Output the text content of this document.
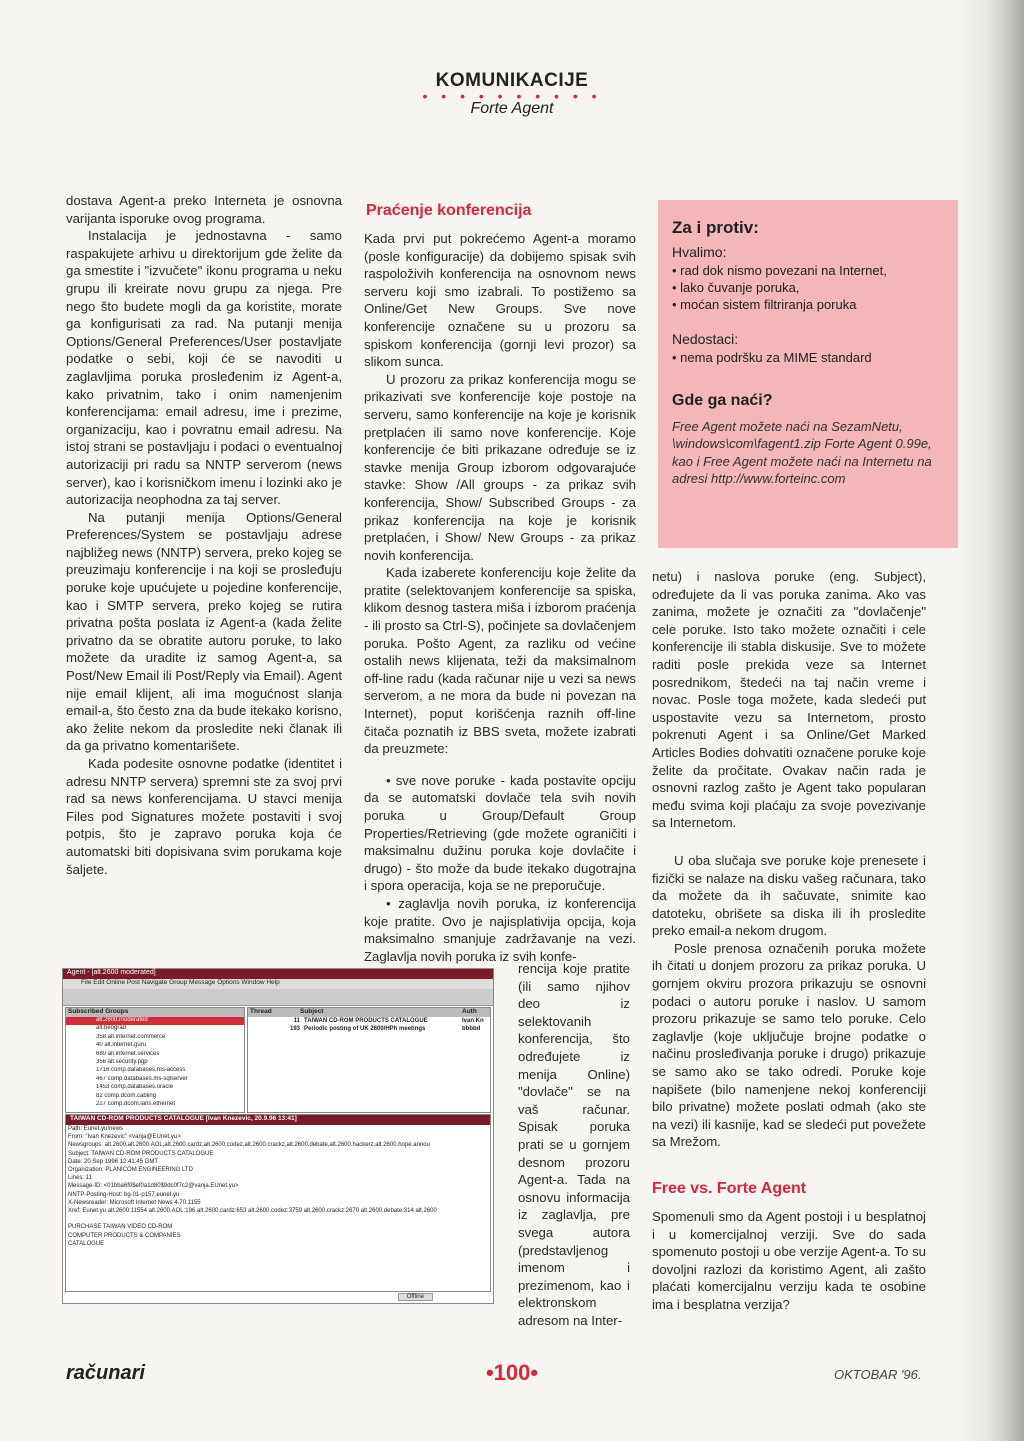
KOMUNIKACIJE
• • • • • • • • • •
Forte Agent

dostava Agent-a preko Interneta je osnovna varijanta isporuke ovog programa.

Instalacija je jednostavna - samo raspakujete arhivu u direktorijum gde želite da ga smestite i "izvučete" ikonu programa u neku grupu ili kreirate novu grupu za njega. Pre nego što budete mogli da ga koristite, morate ga konfigurisati za rad. Na putanji menija Options/General Preferences/User postavljate podatke o sebi, koji će se navoditi u zaglavljima poruka prosleđenim iz Agent-a, kako privatnim, tako i onim namenjenim konferencijama: email adresu, ime i prezime, organizaciju, kao i povratnu email adresu. Na istoj strani se postavljaju i podaci o eventualnoj autorizaciji pri radu sa NNTP serverom (news server), kao i korisničkom imenu i lozinki ako je autorizacija neophodna za taj server.

Na putanji menija Options/General Preferences/System se postavljaju adrese najbližeg news (NNTP) servera, preko kojeg se preuzimaju konferencije i na koji se prosleđuju poruke koje upućujete u pojedine konferencije, kao i SMTP servera, preko kojeg se rutira privatna pošta poslata iz Agent-a (kada želite privatno da se obratite autoru poruke, to lako možete da uradite iz samog Agent-a, sa Post/New Email ili Post/Reply via Email). Agent nije email klijent, ali ima mogućnost slanja email-a, što često zna da bude itekako korisno, ako želite nekom da prosledite neki članak ili da ga privatno komentarišete.

Kada podesite osnovne podatke (identitet i adresu NNTP servera) spremni ste za svoj prvi rad sa news konferencijama. U stavci menija Files pod Signatures možete postaviti i svoj potpis, što je zapravo poruka koja će automatski biti dopisivana svim porukama koje šaljete.

Praćenje konferencija

Kada prvi put pokrećemo Agent-a moramo (posle konfiguracije) da dobijemo spisak svih raspoloživih konferencija na osnovnom news serveru koji smo izabrali. To postižemo sa Online/Get New Groups. Sve nove konferencije označene su u prozoru sa spiskom konferencija (gornji levi prozor) sa slikom sunca.

U prozoru za prikaz konferencija mogu se prikazivati sve konferencije koje postoje na serveru, samo konferencije na koje je korisnik pretplaćen ili samo nove konferencije. Koje konferencije će biti prikazane određuje se iz stavke menija Group izborom odgovarajuće stavke: Show /All groups - za prikaz svih konferencija, Show/ Subscribed Groups - za prikaz konferencija na koje je korisnik pretplaćen, i Show/ New Groups - za prikaz novih konferencija.

Kada izaberete konferenciju koje želite da pratite (selektovanjem konferencije sa spiska, klikom desnog tastera miša i izborom praćenja - ili prosto sa Ctrl-S), počinjete sa dovlačenjem poruka. Pošto Agent, za razliku od većine ostalih news klijenata, teži da maksimalnom off-line radu (kada računar nije u vezi sa news serverom, a ne mora da bude ni povezan na Internet), poput korišćenja raznih off-line čitača poznatih iz BBS sveta, možete izabrati da preuzmete:

• sve nove poruke - kada postavite opciju da se automatski dovlače tela svih novih poruka u Group/Default Group Properties/Retrieving (gde možete ograničiti i maksimalnu dužinu poruka koje dovlačite i drugo) - što može da bude itekako dugotrajna i spora operacija, koja se ne preporučuje.

• zaglavlja novih poruka, iz konferencija koje pratite. Ovo je najisplativija opcija, koja maksimalno smanjuje zadržavanje na vezi. Zaglavlja novih poruka iz svih konfe-

rencija koje pratite (ili samo njihov deo iz selektovanih konferencija, što određujete iz menija Online) "dovlače" se na vaš računar. Spisak poruka prati se u gornjem desnom prozoru Agent-a. Tada na osnovu informacija iz zaglavlja, pre svega autora (predstavljenog imenom i prezimenom, kao i elektronskom adresom na Inter-
Za i protiv:
Hvalimo:
• rad dok nismo povezani na Internet,
• lako čuvanje poruka,
• moćan sistem filtriranja poruka
Nedostaci:
• nema podršku za MIME standard
Gde ga naći?
Free Agent možete naći na SezamNetu, \windows\com\fagent1.zip Forte Agent 0.99e, kao i Free Agent možete naći na Internetu na adresi http://www.forteinc.com

netu) i naslova poruke (eng. Subject), određujete da li vas poruka zanima. Ako vas zanima, možete je označiti za "dovlačenje" cele poruke. Isto tako možete označiti i cele konferencije ili stabla diskusije. Sve to možete raditi posle prekida veze sa Internet posrednikom, štedeći na taj način vreme i novac. Posle toga možete, kada sledeći put uspostavite vezu sa Internetom, prosto pokrenuti Agent i sa Online/Get Marked Articles Bodies dohvatiti označene poruke koje želite da pročitate. Ovakav način rada je osnovni razlog zašto je Agent tako popularan među svima koji plaćaju za svoje povezivanje sa Internetom.

U oba slučaja sve poruke koje prenesete i fizički se nalaze na disku vašeg računara, tako da možete da ih sačuvate, snimite kao datoteku, obrišete sa diska ili ih prosledite preko email-a nekom drugom.

Posle prenosa označenih poruka možete ih čitati u donjem prozoru za prikaz poruka. U gornjem okviru prozora prikazuju se osnovni podaci o autoru poruke i naslov. U samom prozoru prikazuje se samo telo poruke. Celo zaglavlje (koje uključuje brojne podatke o načinu prosleđivanja poruke i drugo) prikazuje se samo ako se tako odredi. Poruke koje napišete (bilo namenjene nekoj konferenciji bilo privatne) možete poslati odmah (ako ste na vezi) ili kasnije, kad se sledeći put povežete sa Mrežom.

Free vs. Forte Agent

Spomenuli smo da Agent postoji i u besplatnoj i u komercijalnoj verziji. Sve do sada spomenuto postoji u obe verzije Agent-a. To su dovoljni razlozi da koristimo Agent, ali zašto plaćati komercijalnu verziju kada te osobine ima i besplatna verzija?

Agent - [alt.2600 moderated]
File Edit Online Post Navigate Group Message Options Window Help
Subscribed Groups
alt.2600.moderated
alt.beograd
358 alt.internet.commerce
40 alt.internet.guru
680 alt.internet.services
356 alt.security.pgp
1716 comp.databases.ms-access
467 comp.databases.ms-sqlserver
1453 comp.databases.oracle
82 comp.dcom.cabling
227 comp.dcom.lans.ethernet
Thread	Subject	Auth
11 TAIWAN CD-ROM PRODUCTS CATALOGUE	Ivan Kn
193 Periodic posting of UK 2600/HPh meetings	bbbbd
TAIWAN CD-ROM PRODUCTS CATALOGUE [Ivan Knezevic, 20.9.96 13:41]
Path: Eunet.yu!news
From: "Ivan Knezevic" <vanja@EUnet.yu>
Newsgroups: alt.2600,alt.2600.AOL,alt.2600.cardz,alt.2600.codez,alt.2600.crackz,alt.2600.debate,alt.2600.hackerz,alt.2600.hope.annou
Subject: TAIWAN CD-ROM PRODUCTS CATALOGUE
Date: 20 Sep 1996 12:41:45 GMT
Organization: PLANICOM ENGINEERING LTD
Lines: 11
Message-ID: <01bba6f0$ef0a1d80$9dc0f7c2@vanja.EUnet.yu>
NNTP-Posting-Host: bg-01-p157.eunet.yu
X-Newsreader: Microsoft Internet News 4.70.1155
Xref: Eunet.yu alt.2600:11554 alt.2600.AOL:196 alt.2600.cardz:653 alt.2600.codez:3759 alt.2600.crackz:2670 alt.2600.debate:314 alt.2600

PURCHASE TAIWAN VIDEO CD-ROM
COMPUTER PRODUCTS & COMPANIES
CATALOGUE
Offline
računari	•100•	OKTOBAR '96.
